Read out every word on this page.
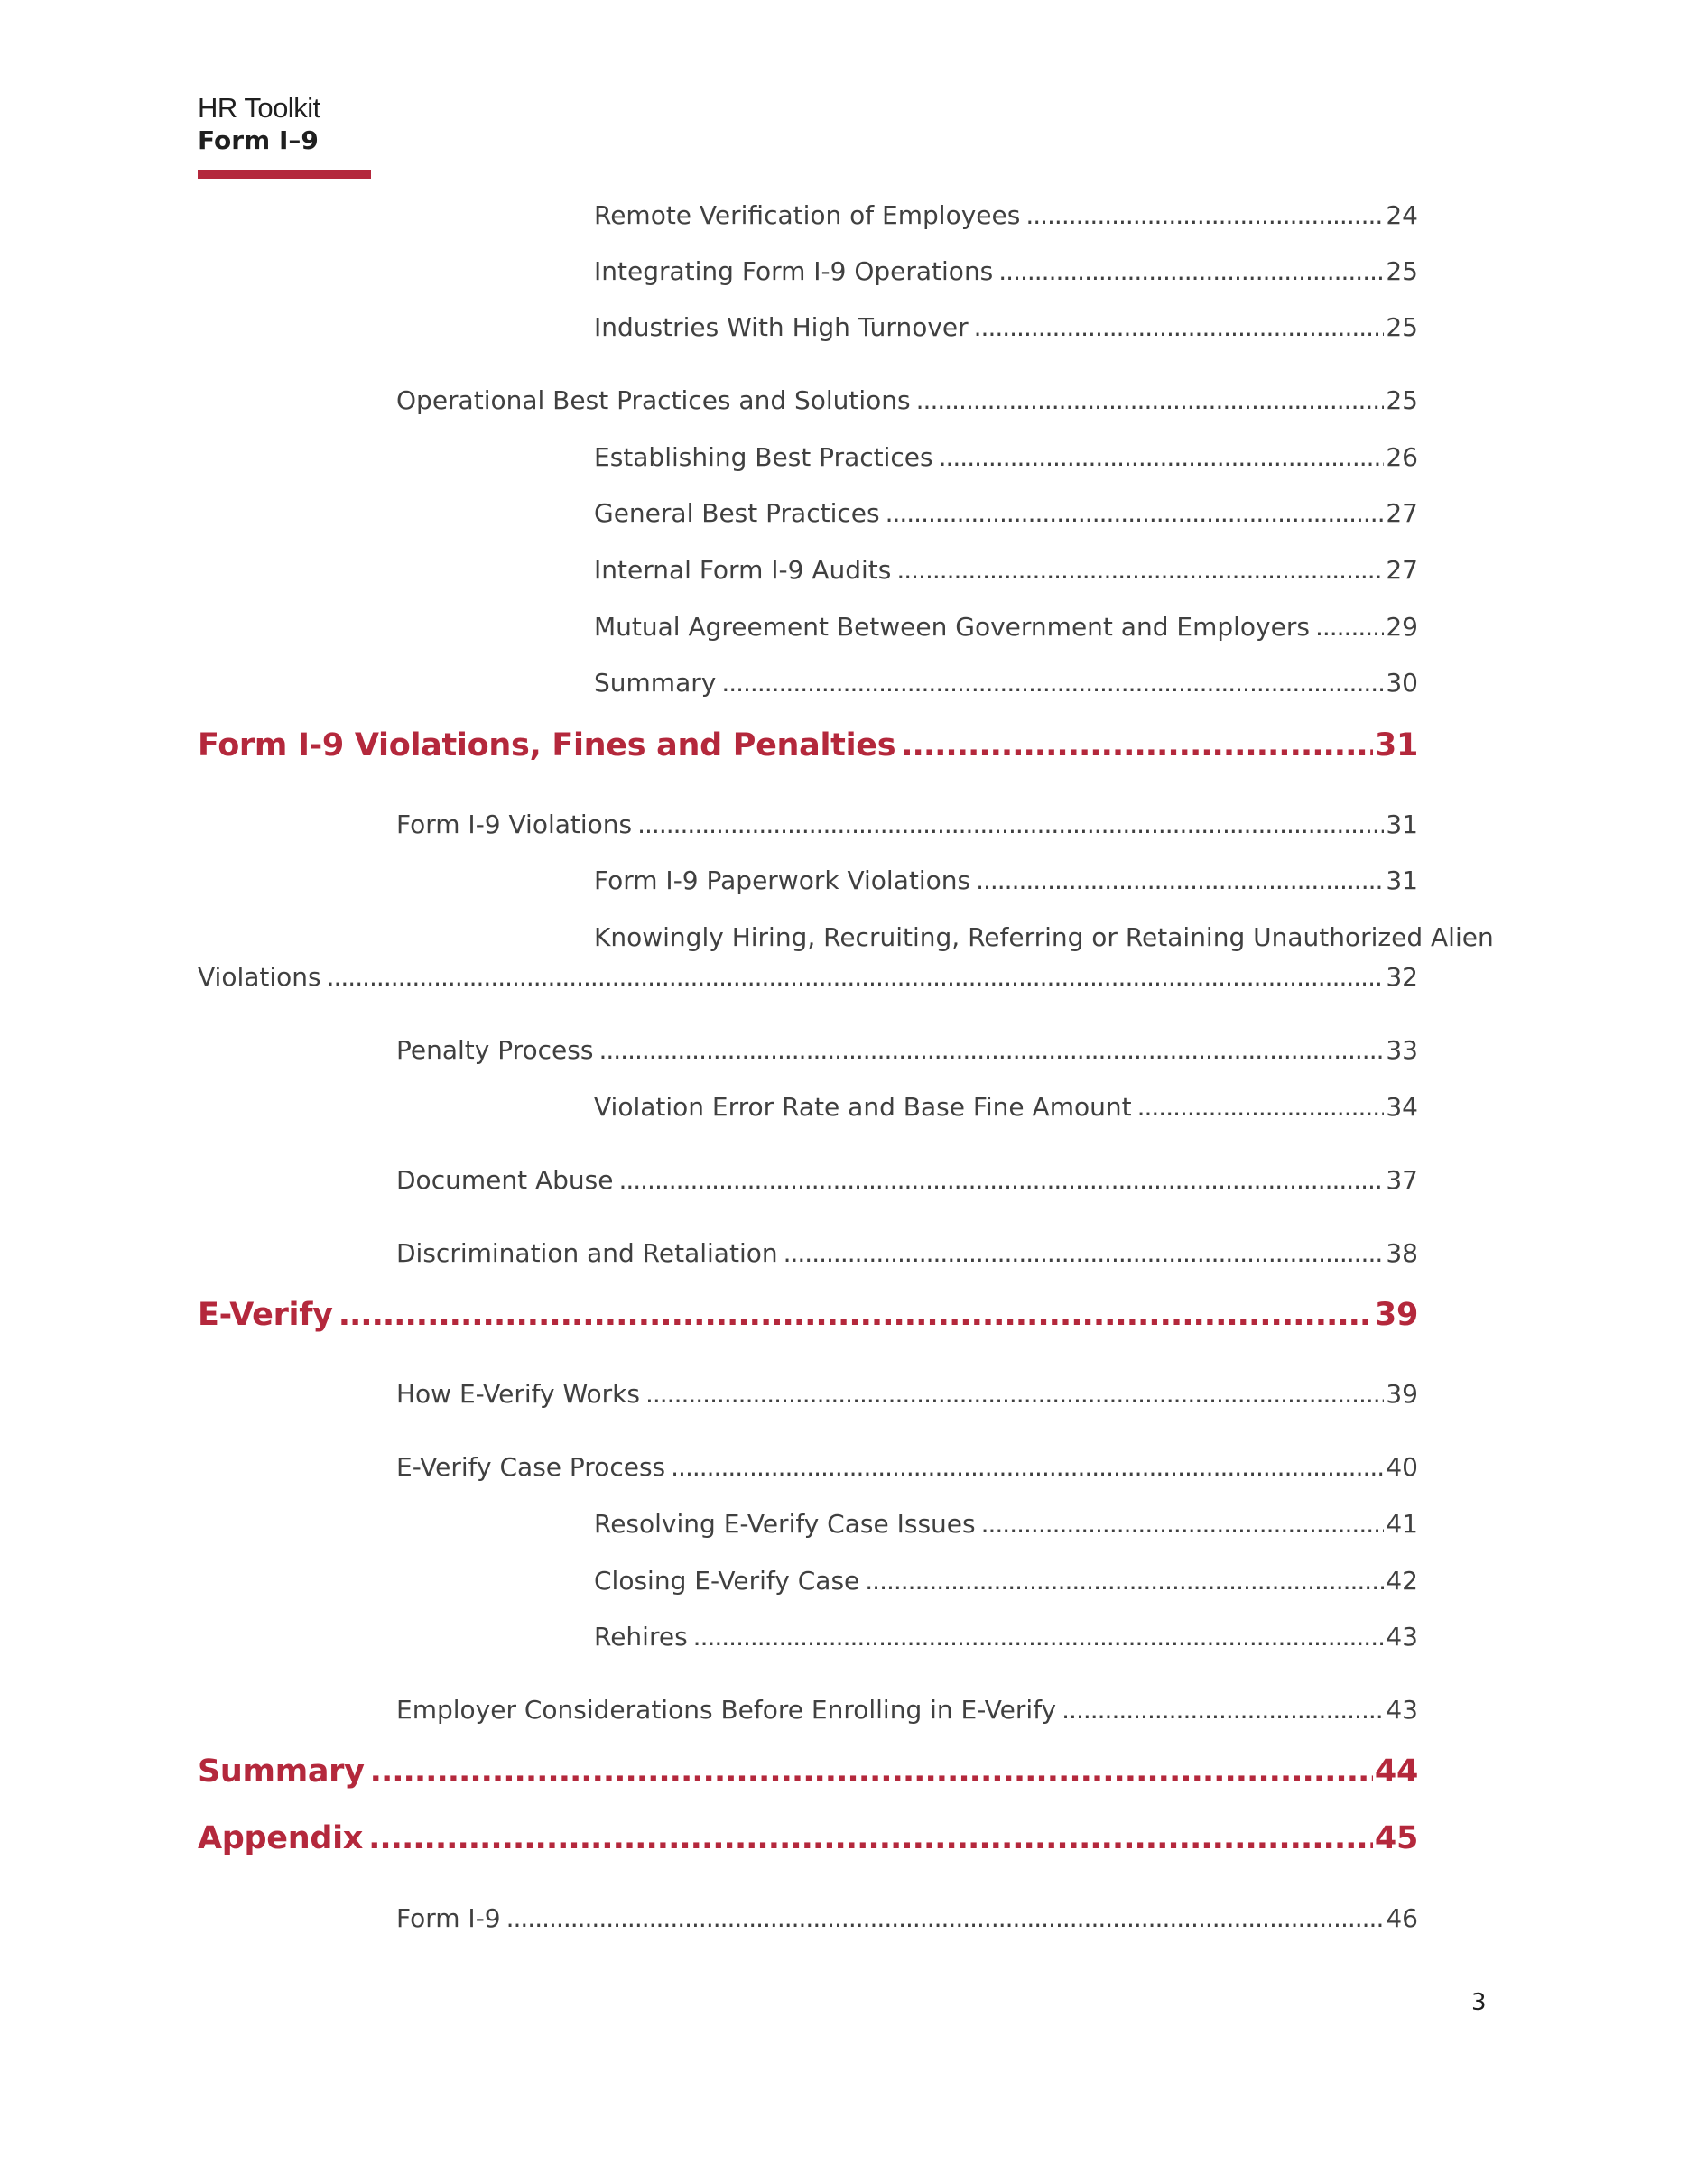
HR Toolkit
Form I–9
Remote Verification of Employees .....	24
Integrating Form I-9 Operations .....	25
Industries With High Turnover .....	25
Operational Best Practices and Solutions .....	25
Establishing Best Practices .....	26
General Best Practices .....	27
Internal Form I-9 Audits .....	27
Mutual Agreement Between Government and Employers .....	29
Summary .....	30
Form I-9 Violations, Fines and Penalties .....	31
Form I-9 Violations .....	31
Form I-9 Paperwork Violations .....	31
Knowingly Hiring, Recruiting, Referring or Retaining Unauthorized Alien
Violations .....	32
Penalty Process .....	33
Violation Error Rate and Base Fine Amount .....	34
Document Abuse .....	37
Discrimination and Retaliation .....	38
E-Verify .....	39
How E-Verify Works .....	39
E-Verify Case Process .....	40
Resolving E-Verify Case Issues .....	41
Closing E-Verify Case .....	42
Rehires .....	43
Employer Considerations Before Enrolling in E-Verify .....	43
Summary .....	44
Appendix .....	45
Form I-9 .....	46
3
